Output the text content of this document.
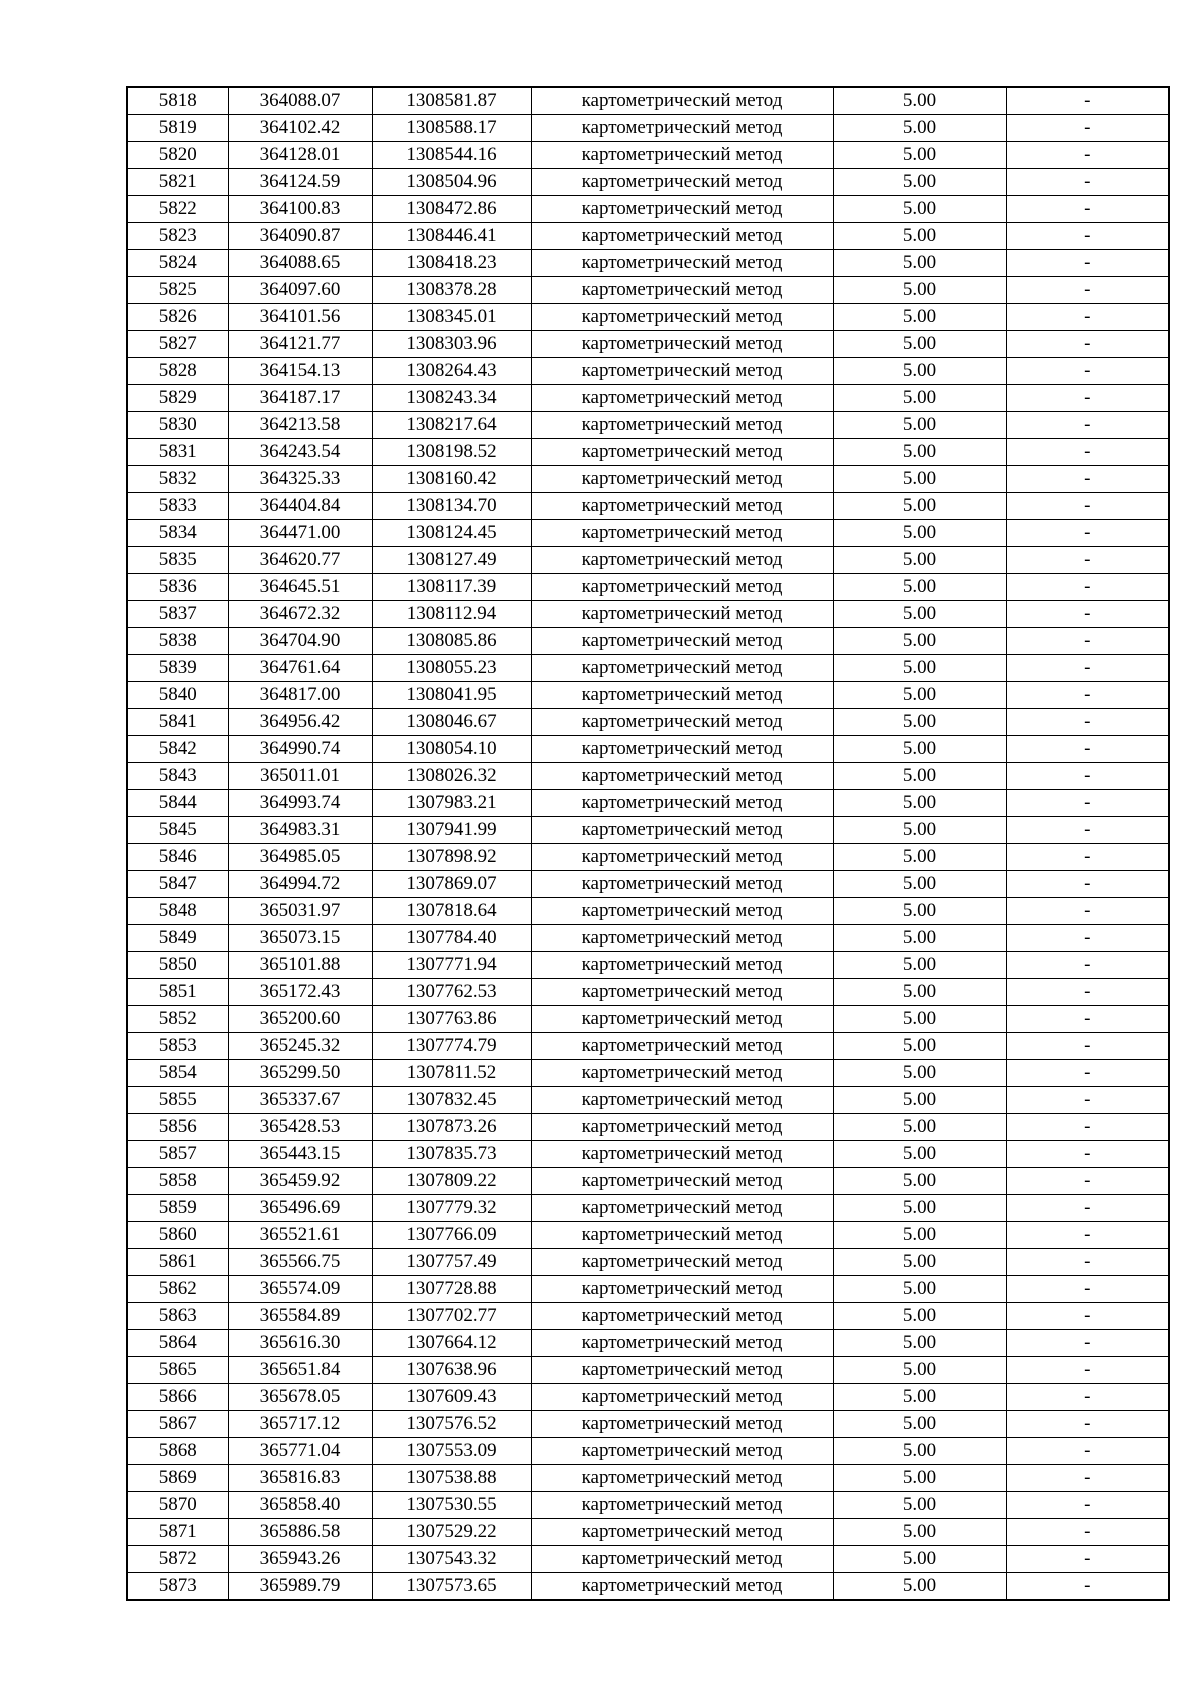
5818	364088.07	1308581.87	картометрический метод	5.00	-
5819	364102.42	1308588.17	картометрический метод	5.00	-
5820	364128.01	1308544.16	картометрический метод	5.00	-
5821	364124.59	1308504.96	картометрический метод	5.00	-
5822	364100.83	1308472.86	картометрический метод	5.00	-
5823	364090.87	1308446.41	картометрический метод	5.00	-
5824	364088.65	1308418.23	картометрический метод	5.00	-
5825	364097.60	1308378.28	картометрический метод	5.00	-
5826	364101.56	1308345.01	картометрический метод	5.00	-
5827	364121.77	1308303.96	картометрический метод	5.00	-
5828	364154.13	1308264.43	картометрический метод	5.00	-
5829	364187.17	1308243.34	картометрический метод	5.00	-
5830	364213.58	1308217.64	картометрический метод	5.00	-
5831	364243.54	1308198.52	картометрический метод	5.00	-
5832	364325.33	1308160.42	картометрический метод	5.00	-
5833	364404.84	1308134.70	картометрический метод	5.00	-
5834	364471.00	1308124.45	картометрический метод	5.00	-
5835	364620.77	1308127.49	картометрический метод	5.00	-
5836	364645.51	1308117.39	картометрический метод	5.00	-
5837	364672.32	1308112.94	картометрический метод	5.00	-
5838	364704.90	1308085.86	картометрический метод	5.00	-
5839	364761.64	1308055.23	картометрический метод	5.00	-
5840	364817.00	1308041.95	картометрический метод	5.00	-
5841	364956.42	1308046.67	картометрический метод	5.00	-
5842	364990.74	1308054.10	картометрический метод	5.00	-
5843	365011.01	1308026.32	картометрический метод	5.00	-
5844	364993.74	1307983.21	картометрический метод	5.00	-
5845	364983.31	1307941.99	картометрический метод	5.00	-
5846	364985.05	1307898.92	картометрический метод	5.00	-
5847	364994.72	1307869.07	картометрический метод	5.00	-
5848	365031.97	1307818.64	картометрический метод	5.00	-
5849	365073.15	1307784.40	картометрический метод	5.00	-
5850	365101.88	1307771.94	картометрический метод	5.00	-
5851	365172.43	1307762.53	картометрический метод	5.00	-
5852	365200.60	1307763.86	картометрический метод	5.00	-
5853	365245.32	1307774.79	картометрический метод	5.00	-
5854	365299.50	1307811.52	картометрический метод	5.00	-
5855	365337.67	1307832.45	картометрический метод	5.00	-
5856	365428.53	1307873.26	картометрический метод	5.00	-
5857	365443.15	1307835.73	картометрический метод	5.00	-
5858	365459.92	1307809.22	картометрический метод	5.00	-
5859	365496.69	1307779.32	картометрический метод	5.00	-
5860	365521.61	1307766.09	картометрический метод	5.00	-
5861	365566.75	1307757.49	картометрический метод	5.00	-
5862	365574.09	1307728.88	картометрический метод	5.00	-
5863	365584.89	1307702.77	картометрический метод	5.00	-
5864	365616.30	1307664.12	картометрический метод	5.00	-
5865	365651.84	1307638.96	картометрический метод	5.00	-
5866	365678.05	1307609.43	картометрический метод	5.00	-
5867	365717.12	1307576.52	картометрический метод	5.00	-
5868	365771.04	1307553.09	картометрический метод	5.00	-
5869	365816.83	1307538.88	картометрический метод	5.00	-
5870	365858.40	1307530.55	картометрический метод	5.00	-
5871	365886.58	1307529.22	картометрический метод	5.00	-
5872	365943.26	1307543.32	картометрический метод	5.00	-
5873	365989.79	1307573.65	картометрический метод	5.00	-
